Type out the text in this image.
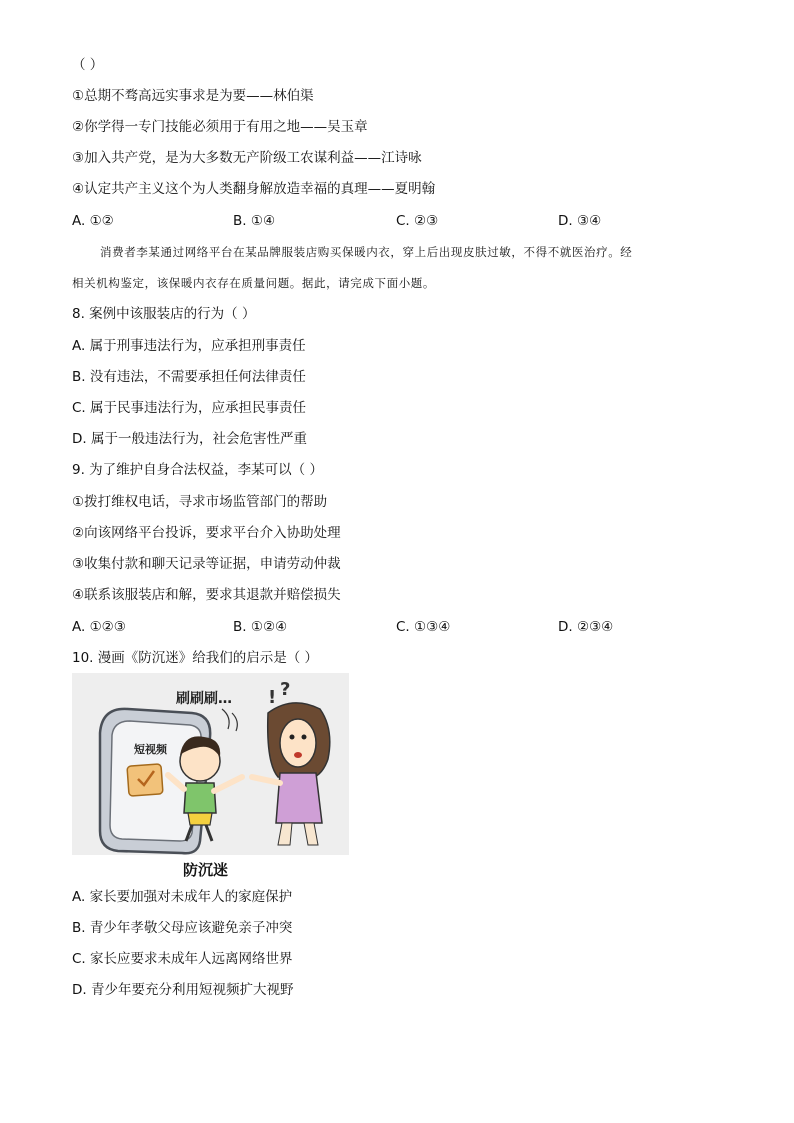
（ ）
①总期不骛高远实事求是为要——林伯渠
②你学得一专门技能必须用于有用之地——吴玉章
③加入共产党，是为大多数无产阶级工农谋利益——江诗咏
④认定共产主义这个为人类翻身解放造幸福的真理——夏明翰
A. ①②	B. ①④	C. ②③	D. ③④
消费者李某通过网络平台在某品牌服装店购买保暖内衣，穿上后出现皮肤过敏，不得不就医治疗。经
相关机构鉴定，该保暖内衣存在质量问题。据此，请完成下面小题。
8. 案例中该服装店的行为（ ）
A. 属于刑事违法行为，应承担刑事责任
B. 没有违法，不需要承担任何法律责任
C. 属于民事违法行为，应承担民事责任
D. 属于一般违法行为，社会危害性严重
9. 为了维护自身合法权益，李某可以（ ）
①拨打维权电话，寻求市场监管部门的帮助
②向该网络平台投诉，要求平台介入协助处理
③收集付款和聊天记录等证据，申请劳动仲裁
④联系该服装店和解，要求其退款并赔偿损失
A. ①②③	B. ①②④	C. ①③④	D. ②③④
10. 漫画《防沉迷》给我们的启示是（ ）
短视频
刷刷刷… ! ?
防沉迷
A. 家长要加强对未成年人的家庭保护
B. 青少年孝敬父母应该避免亲子冲突
C. 家长应要求未成年人远离网络世界
D. 青少年要充分利用短视频扩大视野
